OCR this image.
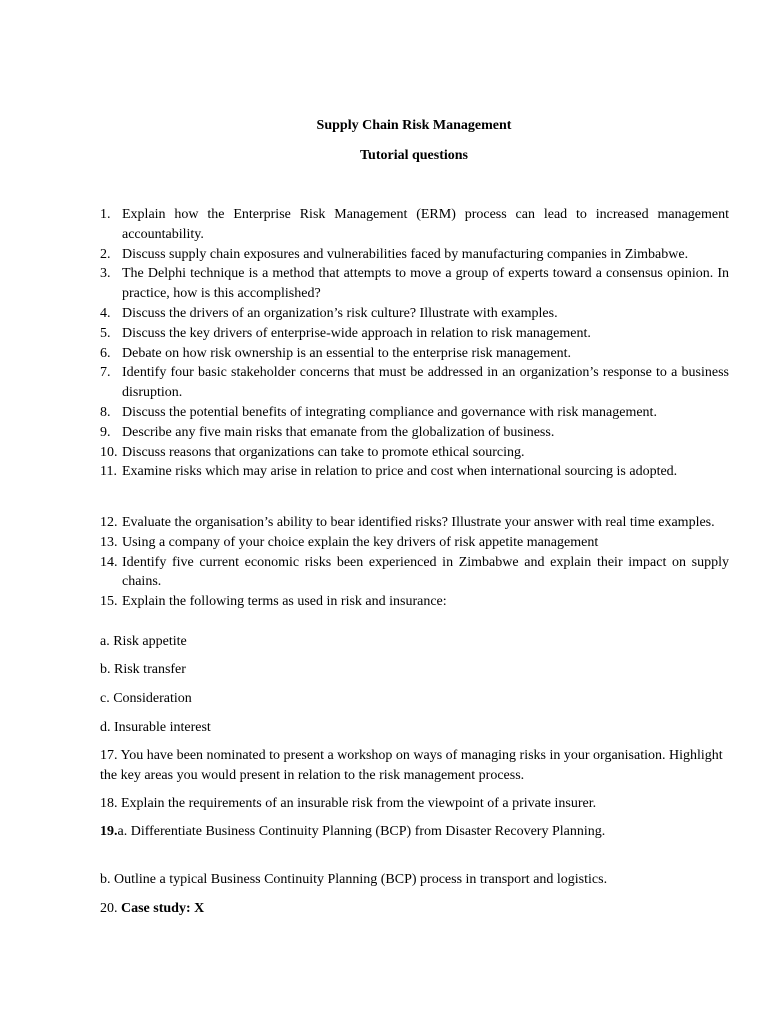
Supply Chain Risk Management
Tutorial questions
1. Explain how the Enterprise Risk Management (ERM) process can lead to increased management accountability.
2. Discuss supply chain exposures and vulnerabilities faced by manufacturing companies in Zimbabwe.
3. The Delphi technique is a method that attempts to move a group of experts toward a consensus opinion. In practice, how is this accomplished?
4. Discuss the drivers of an organization’s risk culture? Illustrate with examples.
5. Discuss the key drivers of enterprise-wide approach in relation to risk management.
6. Debate on how risk ownership is an essential to the enterprise risk management.
7. Identify four basic stakeholder concerns that must be addressed in an organization’s response to a business disruption.
8. Discuss the potential benefits of integrating compliance and governance with risk management.
9. Describe any five main risks that emanate from the globalization of business.
10. Discuss reasons that organizations can take to promote ethical sourcing.
11. Examine risks which may arise in relation to price and cost when international sourcing is adopted.
12. Evaluate the organisation’s ability to bear identified risks? Illustrate your answer with real time examples.
13. Using a company of your choice explain the key drivers of risk appetite management
14. Identify five current economic risks been experienced in Zimbabwe and explain their impact on supply chains.
15. Explain the following terms as used in risk and insurance:
a. Risk appetite
b. Risk transfer
c. Consideration
d. Insurable interest
17. You have been nominated to present a workshop on ways of managing risks in your organisation. Highlight the key areas you would present in relation to the risk management process.
18. Explain the requirements of an insurable risk from the viewpoint of a private insurer.
19.a. Differentiate Business Continuity Planning (BCP) from Disaster Recovery Planning.
b. Outline a typical Business Continuity Planning (BCP) process in transport and logistics.
20. Case study: X
